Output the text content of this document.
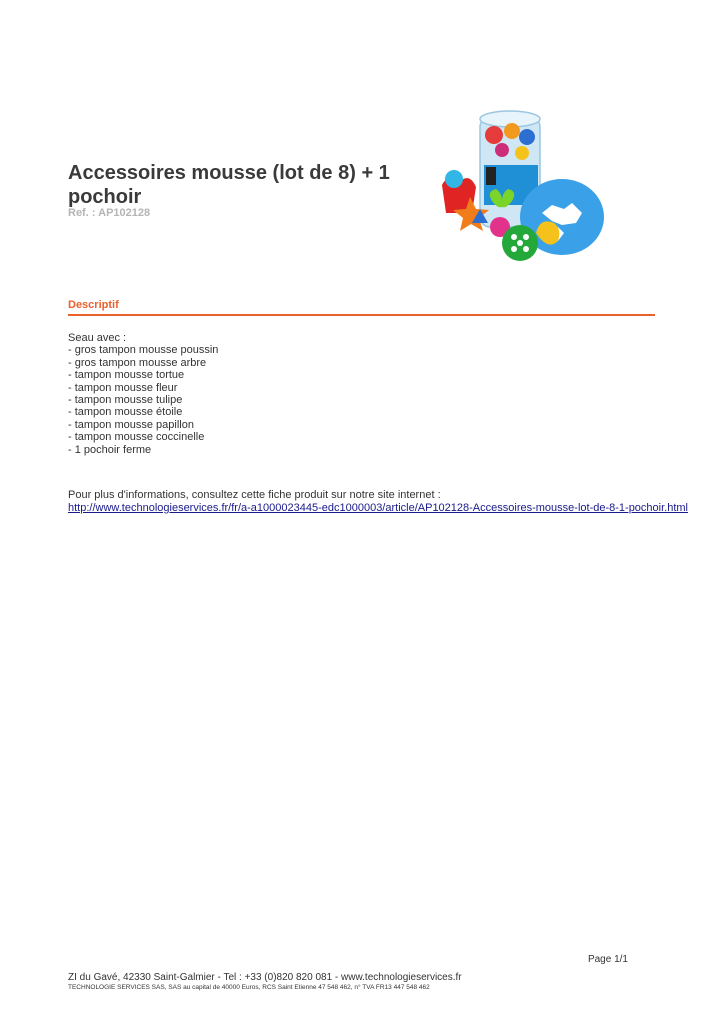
Accessoires mousse (lot de 8) + 1 pochoir
Ref. : AP102128
Descriptif
Seau avec :
- gros tampon mousse poussin
- gros tampon mousse arbre
- tampon mousse tortue
- tampon mousse fleur
- tampon mousse tulipe
- tampon mousse étoile
- tampon mousse papillon
- tampon mousse coccinelle
- 1 pochoir ferme
Pour plus d'informations, consultez cette fiche produit sur notre site internet :
http://www.technologieservices.fr/fr/a-a1000023445-edc1000003/article/AP102128-Accessoires-mousse-lot-de-8-1-pochoir.html
Page 1/1
ZI du Gavé, 42330 Saint-Galmier - Tel : +33 (0)820 820 081 - www.technologieservices.fr
TECHNOLOGIE SERVICES SAS, SAS au capital de 40000 Euros, RCS Saint Etienne 47 548 462, n° TVA FR13 447 548 462
